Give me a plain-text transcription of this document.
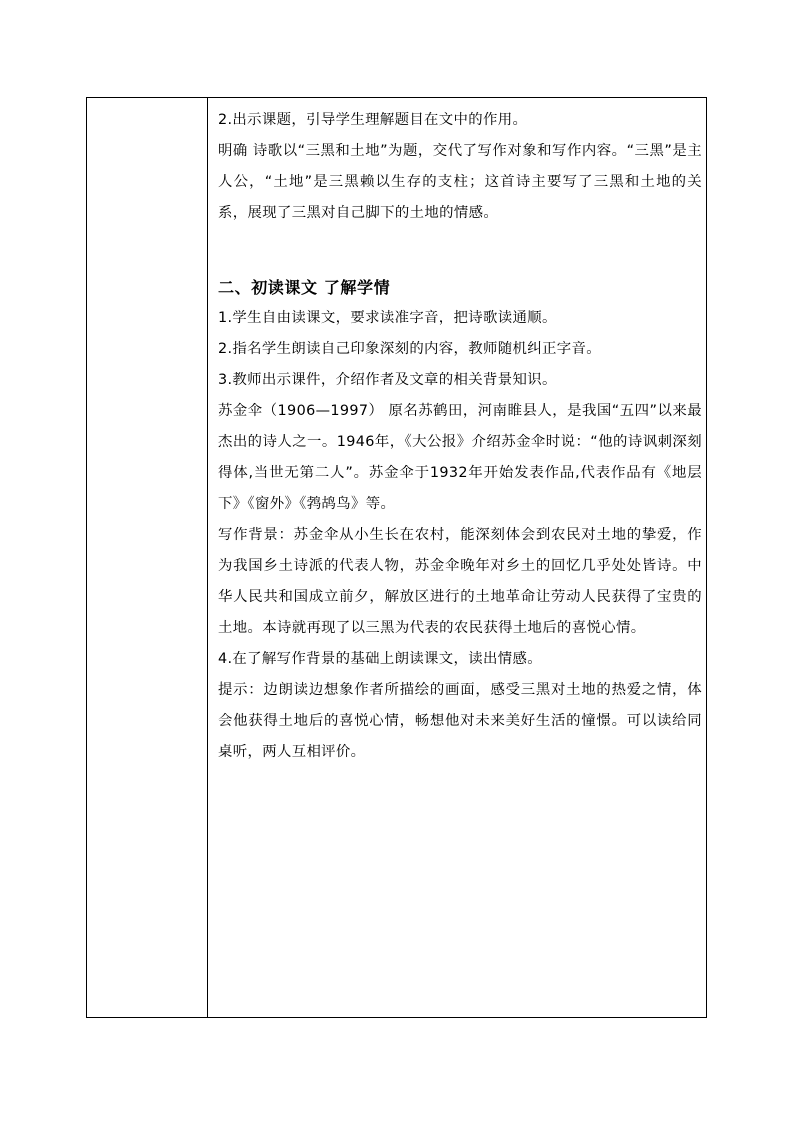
2.出示课题，引导学生理解题目在文中的作用。

明确 诗歌以“三黑和土地”为题，交代了写作对象和写作内容。“三黑”是主人公，“土地”是三黑赖以生存的支柱；这首诗主要写了三黑和土地的关系，展现了三黑对自己脚下的土地的情感。

二、初读课文 了解学情

1.学生自由读课文，要求读准字音，把诗歌读通顺。

2.指名学生朗读自己印象深刻的内容，教师随机纠正字音。

3.教师出示课件，介绍作者及文章的相关背景知识。

苏金伞（1906—1997） 原名苏鹤田，河南睢县人，是我国“五四”以来最杰出的诗人之一。1946年，《大公报》介绍苏金伞时说：“他的诗讽刺深刻得体,当世无第二人”。苏金伞于1932年开始发表作品,代表作品有《地层下》《窗外》《鹁鸪鸟》等。

写作背景：苏金伞从小生长在农村，能深刻体会到农民对土地的挚爱，作为我国乡土诗派的代表人物，苏金伞晚年对乡土的回忆几乎处处皆诗。中华人民共和国成立前夕，解放区进行的土地革命让劳动人民获得了宝贵的土地。本诗就再现了以三黑为代表的农民获得土地后的喜悦心情。

4.在了解写作背景的基础上朗读课文，读出情感。

提示：边朗读边想象作者所描绘的画面，感受三黑对土地的热爱之情，体会他获得土地后的喜悦心情，畅想他对未来美好生活的憧憬。可以读给同桌听，两人互相评价。
